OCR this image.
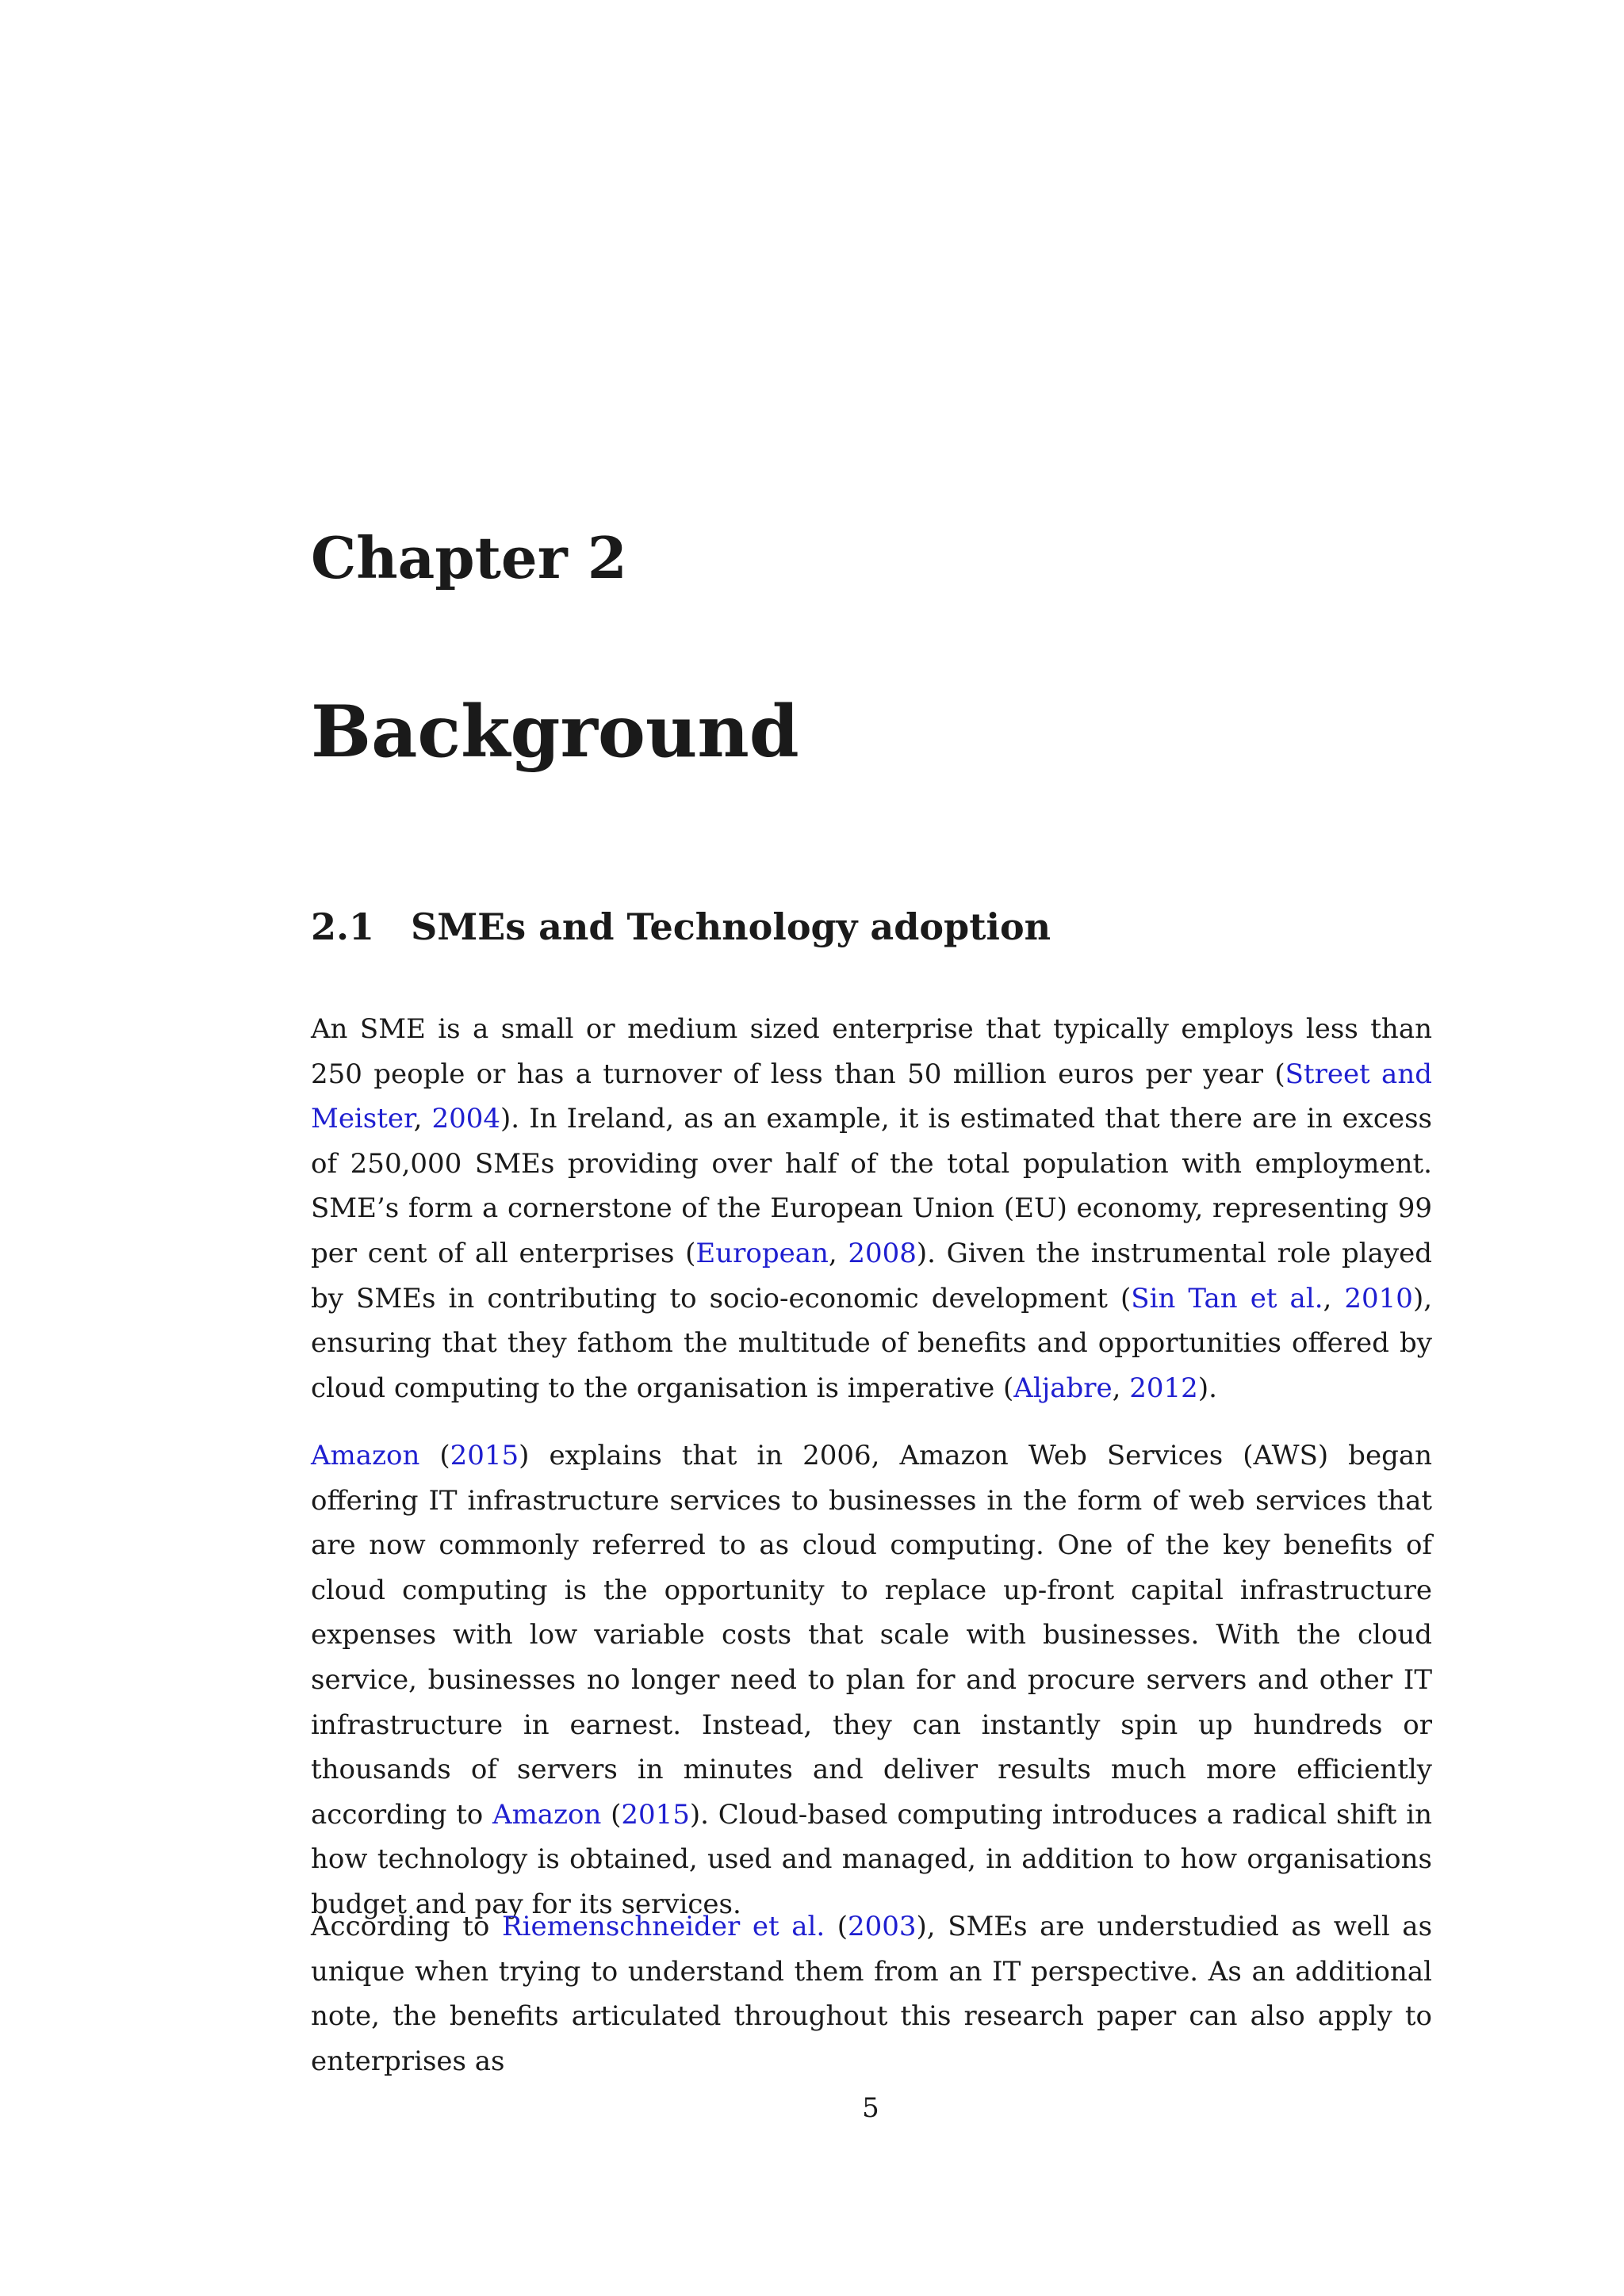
Chapter 2
Background
2.1 SMEs and Technology adoption

An SME is a small or medium sized enterprise that typically employs less than 250 people or has a turnover of less than 50 million euros per year (Street and Meister, 2004). In Ireland, as an example, it is estimated that there are in excess of 250,000 SMEs providing over half of the total population with employment. SME’s form a cornerstone of the European Union (EU) economy, representing 99 per cent of all enterprises (European, 2008). Given the instrumental role played by SMEs in contributing to socio-economic development (Sin Tan et al., 2010), ensuring that they fathom the multitude of benefits and opportunities offered by cloud computing to the organisation is imperative (Aljabre, 2012).

Amazon (2015) explains that in 2006, Amazon Web Services (AWS) began offering IT infrastructure services to businesses in the form of web services that are now commonly referred to as cloud computing. One of the key benefits of cloud computing is the opportunity to replace up-front capital infrastructure expenses with low variable costs that scale with businesses. With the cloud service, businesses no longer need to plan for and procure servers and other IT infrastructure in earnest. Instead, they can instantly spin up hundreds or thousands of servers in minutes and deliver results much more efficiently according to Amazon (2015). Cloud-based computing introduces a radical shift in how technology is obtained, used and managed, in addition to how organisations budget and pay for its services.

According to Riemenschneider et al. (2003), SMEs are understudied as well as unique when trying to understand them from an IT perspective. As an additional note, the benefits articulated throughout this research paper can also apply to enterprises as

5
